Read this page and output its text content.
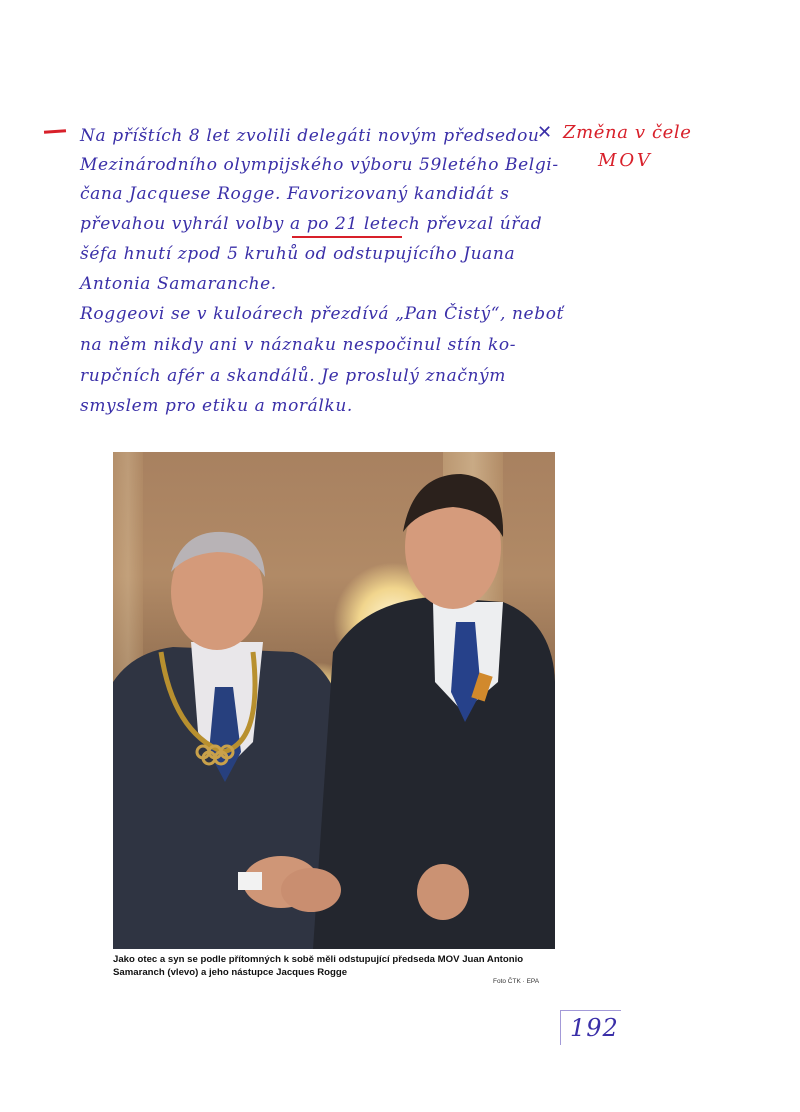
✕ Změna v čele
MOV
Na příštích 8 let zvolili delegáti novým předsedou
Mezinárodního olympijského výboru 59letého Belgi-
čana Jacquese Rogge. Favorizovaný kandidát s
převahou vyhrál volby a po 21 letech převzal úřad
šéfa hnutí zpod 5 kruhů od odstupujícího Juana
Antonia Samaranche.
Roggeovi se v kuloárech přezdívá „Pan Čistý“, neboť
na něm nikdy ani v náznaku nespočinul stín ko-
rupčních afér a skandálů. Je proslulý značným
smyslem pro etiku a morálku.
Jako otec a syn se podle přítomných k sobě měli odstupující předseda MOV Juan Antonio Samaranch (vlevo) a jeho nástupce Jacques Rogge
Foto ČTK · EPA
192
